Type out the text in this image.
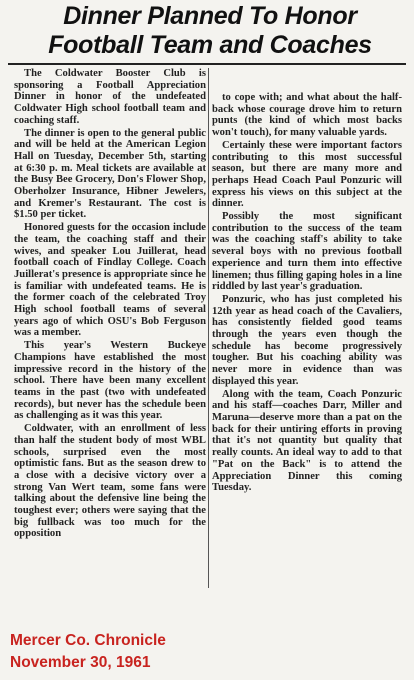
Dinner Planned To Honor
Football Team and Coaches

The Coldwater Booster Club is sponsoring a Football Appreciation Dinner in honor of the undefeated Coldwater High school football team and coaching staff.

The dinner is open to the general public and will be held at the American Legion Hall on Tuesday, December 5th, starting at 6:30 p. m. Meal tickets are available at the Busy Bee Grocery, Don's Flower Shop, Oberholzer Insurance, Hibner Jewelers, and Kremer's Restaurant. The cost is $1.50 per ticket.

Honored guests for the occasion include the team, the coaching staff and their wives, and speaker Lou Juillerat, head football coach of Findlay College. Coach Juillerat's presence is appropriate since he is familiar with undefeated teams. He is the former coach of the celebrated Troy High school football teams of several years ago of which OSU's Bob Ferguson was a member.

This year's Western Buckeye Champions have established the most impressive record in the history of the school. There have been many excellent teams in the past (two with undefeated records), but never has the schedule been as challenging as it was this year.

Coldwater, with an enrollment of less than half the student body of most WBL schools, surprised even the most optimistic fans. But as the season drew to a close with a decisive victory over a strong Van Wert team, some fans were talking about the defensive line being the toughest ever; others were saying that the big fullback was too much for the opposition

to cope with; and what about the half-back whose courage drove him to return punts (the kind of which most backs won't touch), for many valuable yards.

Certainly these were important factors contributing to this most successful season, but there are many more and perhaps Head Coach Paul Ponzuric will express his views on this subject at the dinner.

Possibly the most significant contribution to the success of the team was the coaching staff's ability to take several boys with no previous football experience and turn them into effective linemen; thus filling gaping holes in a line riddled by last year's graduation.

Ponzuric, who has just completed his 12th year as head coach of the Cavaliers, has consistently fielded good teams through the years even though the schedule has become progressively tougher. But his coaching ability was never more in evidence than was displayed this year.

Along with the team, Coach Ponzuric and his staff—coaches Darr, Miller and Maruna—deserve more than a pat on the back for their untiring efforts in proving that it's not quantity but quality that really counts. An ideal way to add to that "Pat on the Back" is to attend the Appreciation Dinner this coming Tuesday.

Mercer Co. Chronicle
November 30, 1961
